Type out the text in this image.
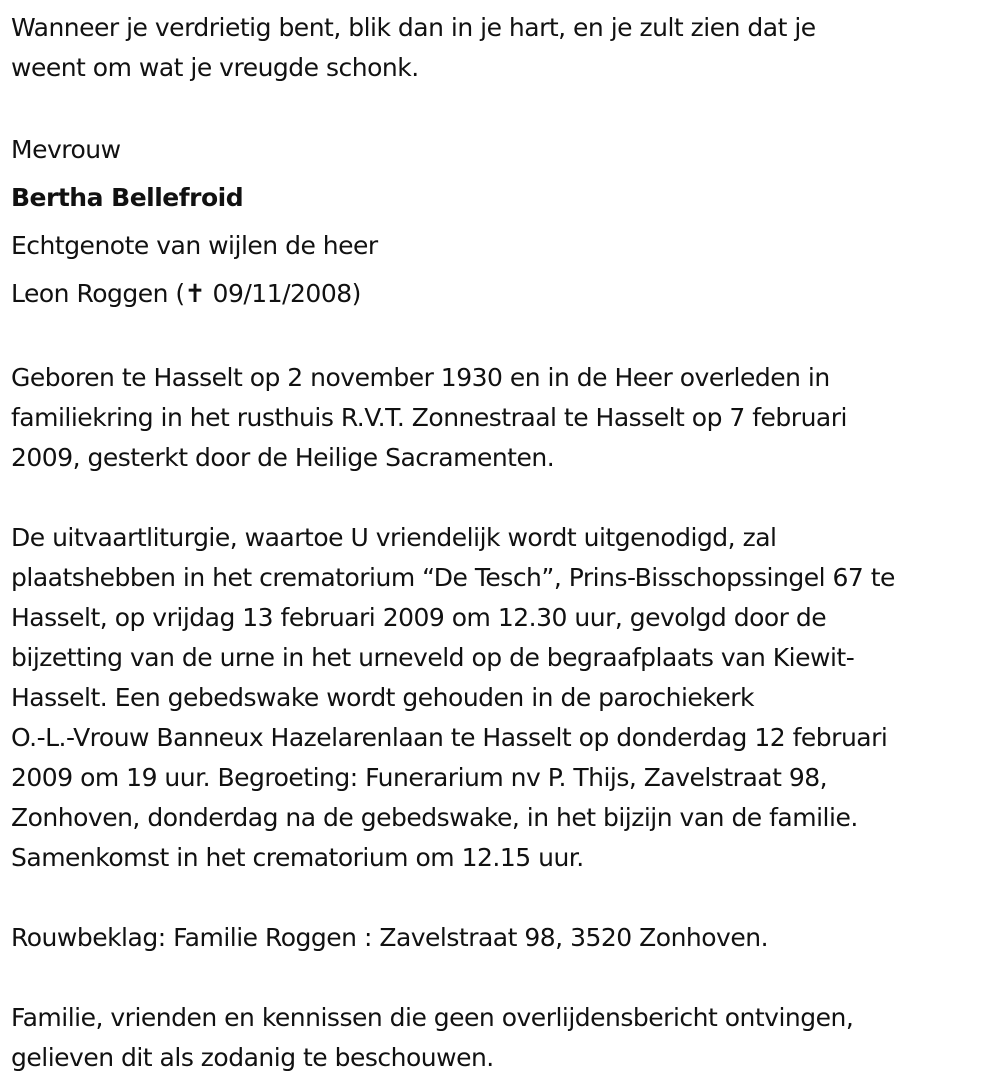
Wanneer je verdrietig bent, blik dan in je hart, en je zult zien dat je
weent om wat je vreugde schonk.

Mevrouw

Bertha Bellefroid

Echtgenote van wijlen de heer

Leon Roggen (✝ 09/11/2008)

Geboren te Hasselt op 2 november 1930 en in de Heer overleden in
familiekring in het rusthuis R.V.T. Zonnestraal te Hasselt op 7 februari
2009, gesterkt door de Heilige Sacramenten.

De uitvaartliturgie, waartoe U vriendelijk wordt uitgenodigd, zal
plaatshebben in het crematorium “De Tesch”, Prins-Bisschopssingel 67 te
Hasselt, op vrijdag 13 februari 2009 om 12.30 uur, gevolgd door de
bijzetting van de urne in het urneveld op de begraafplaats van Kiewit-
Hasselt. Een gebedswake wordt gehouden in de parochiekerk
O.-L.-Vrouw Banneux Hazelarenlaan te Hasselt op donderdag 12 februari
2009 om 19 uur. Begroeting: Funerarium nv P. Thijs, Zavelstraat 98,
Zonhoven, donderdag na de gebedswake, in het bijzijn van de familie.
Samenkomst in het crematorium om 12.15 uur.

Rouwbeklag: Familie Roggen : Zavelstraat 98, 3520 Zonhoven.

Familie, vrienden en kennissen die geen overlijdensbericht ontvingen,
gelieven dit als zodanig te beschouwen.
